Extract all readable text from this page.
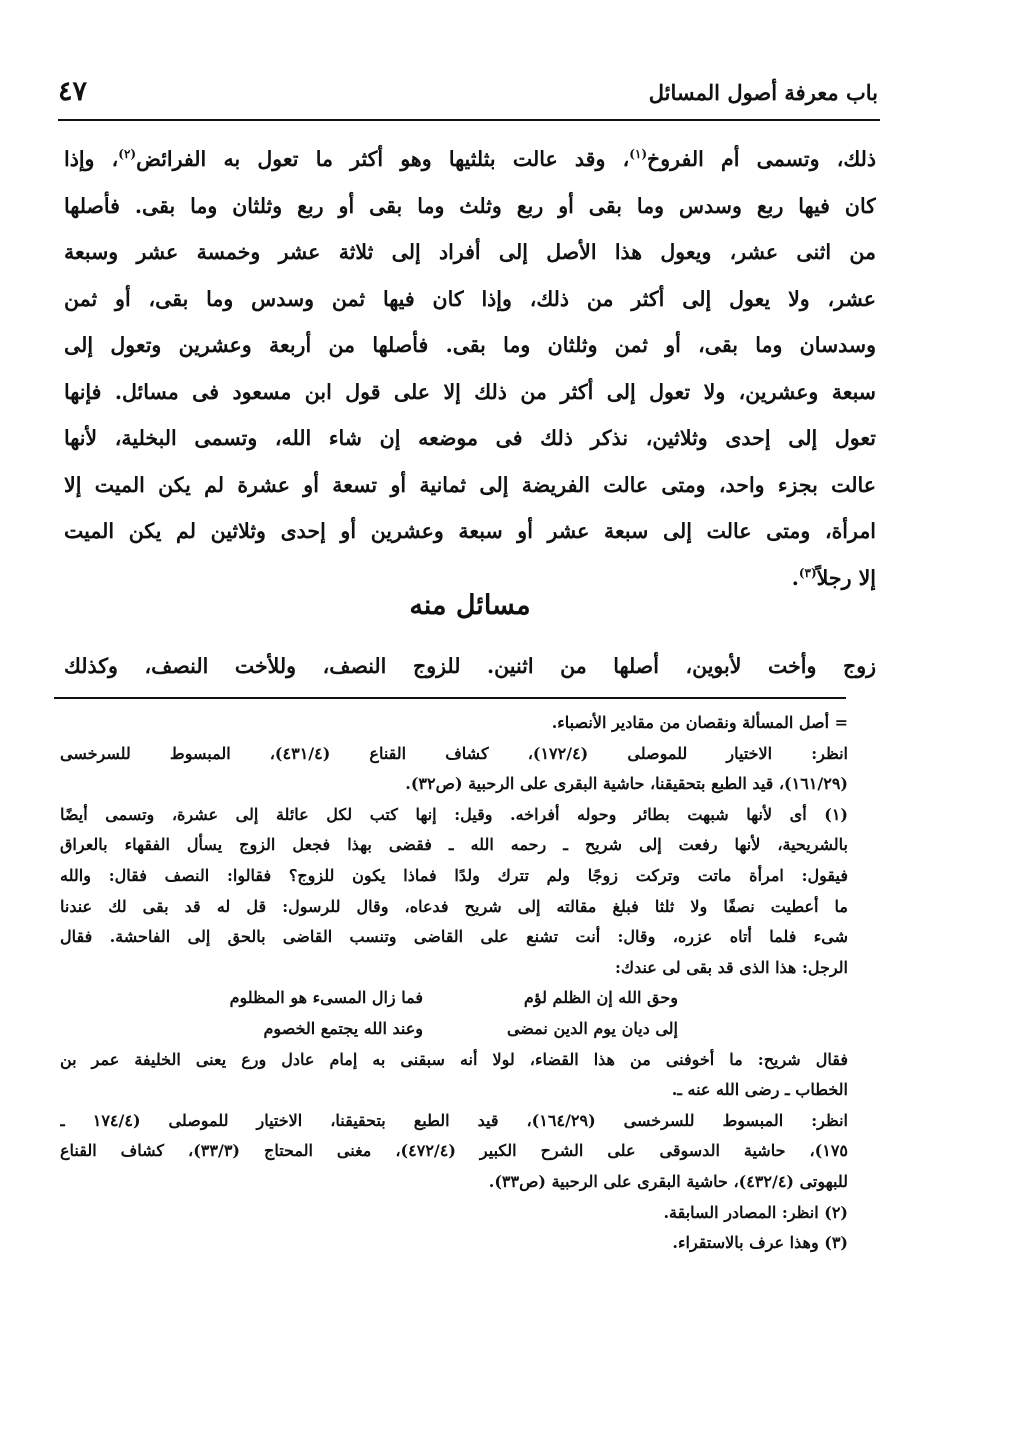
باب معرفة أصول المسائل
٤٧
ذلك، وتسمى أم الفروخ$^{(١)}$، وقد عالت بثلثيها وهو أكثر ما تعول به الفرائض$^{(٢)}$، وإذا
كان فيها ربع وسدس وما بقى أو ربع وثلث وما بقى أو ربع وثلثان وما بقى. فأصلها
من اثنى عشر، ويعول هذا الأصل إلى أفراد إلى ثلاثة عشر وخمسة عشر وسبعة
عشر، ولا يعول إلى أكثر من ذلك، وإذا كان فيها ثمن وسدس وما بقى، أو ثمن
وسدسان وما بقى، أو ثمن وثلثان وما بقى. فأصلها من أربعة وعشرين وتعول إلى
سبعة وعشرين، ولا تعول إلى أكثر من ذلك إلا على قول ابن مسعود فى مسائل. فإنها
تعول إلى إحدى وثلاثين، نذكر ذلك فى موضعه إن شاء الله، وتسمى البخلية، لأنها
عالت بجزء واحد، ومتى عالت الفريضة إلى ثمانية أو تسعة أو عشرة لم يكن الميت إلا
امرأة، ومتى عالت إلى سبعة عشر أو سبعة وعشرين أو إحدى وثلاثين لم يكن الميت
إلا رجلاً$^{(٣)}$.
مسائل منه
زوج وأخت لأبوين، أصلها من اثنين. للزوج النصف، وللأخت النصف، وكذلك
= أصل المسألة ونقصان من مقادير الأنصباء.
انظر: الاختيار للموصلى (١٧٢/٤)، كشاف القناع (٤٣١/٤)، المبسوط للسرخسى
(١٦١/٢٩)، قيد الطبع بتحقيقنا، حاشية البقرى على الرحبية (ص٣٢).
(١) أى لأنها شبهت بطائر وحوله أفراخه. وقيل: إنها كتب لكل عائلة إلى عشرة، وتسمى أيضًا
بالشريحية، لأنها رفعت إلى شريح ـ رحمه الله ـ فقضى بهذا فجعل الزوج يسأل الفقهاء بالعراق
فيقول: امرأة ماتت وتركت زوجًا ولم تترك ولدًا فماذا يكون للزوج؟ فقالوا: النصف فقال: والله
ما أعطيت نصفًا ولا ثلثا فبلغ مقالته إلى شريح فدعاه، وقال للرسول: قل له قد بقى لك عندنا
شىء فلما أتاه عزره، وقال: أنت تشنع على القاضى وتنسب القاضى بالحق إلى الفاحشة. فقال
الرجل: هذا الذى قد بقى لى عندك:
وحق الله إن الظلم لؤم
فما زال المسىء هو المظلوم
إلى ديان يوم الدين نمضى
وعند الله يجتمع الخصوم
فقال شريح: ما أخوفنى من هذا القضاء، لولا أنه سبقنى به إمام عادل ورع يعنى الخليفة عمر بن
الخطاب ـ رضى الله عنه ـ.
انظر: المبسوط للسرخسى (١٦٤/٢٩)، قيد الطبع بتحقيقنا، الاختيار للموصلى (١٧٤/٤ ـ
١٧٥)، حاشية الدسوقى على الشرح الكبير (٤٧٢/٤)، مغنى المحتاج (٣٣/٣)، كشاف القناع
للبهوتى (٤٣٢/٤)، حاشية البقرى على الرحبية (ص٣٣).
(٢) انظر: المصادر السابقة.
(٣) وهذا عرف بالاستقراء.
